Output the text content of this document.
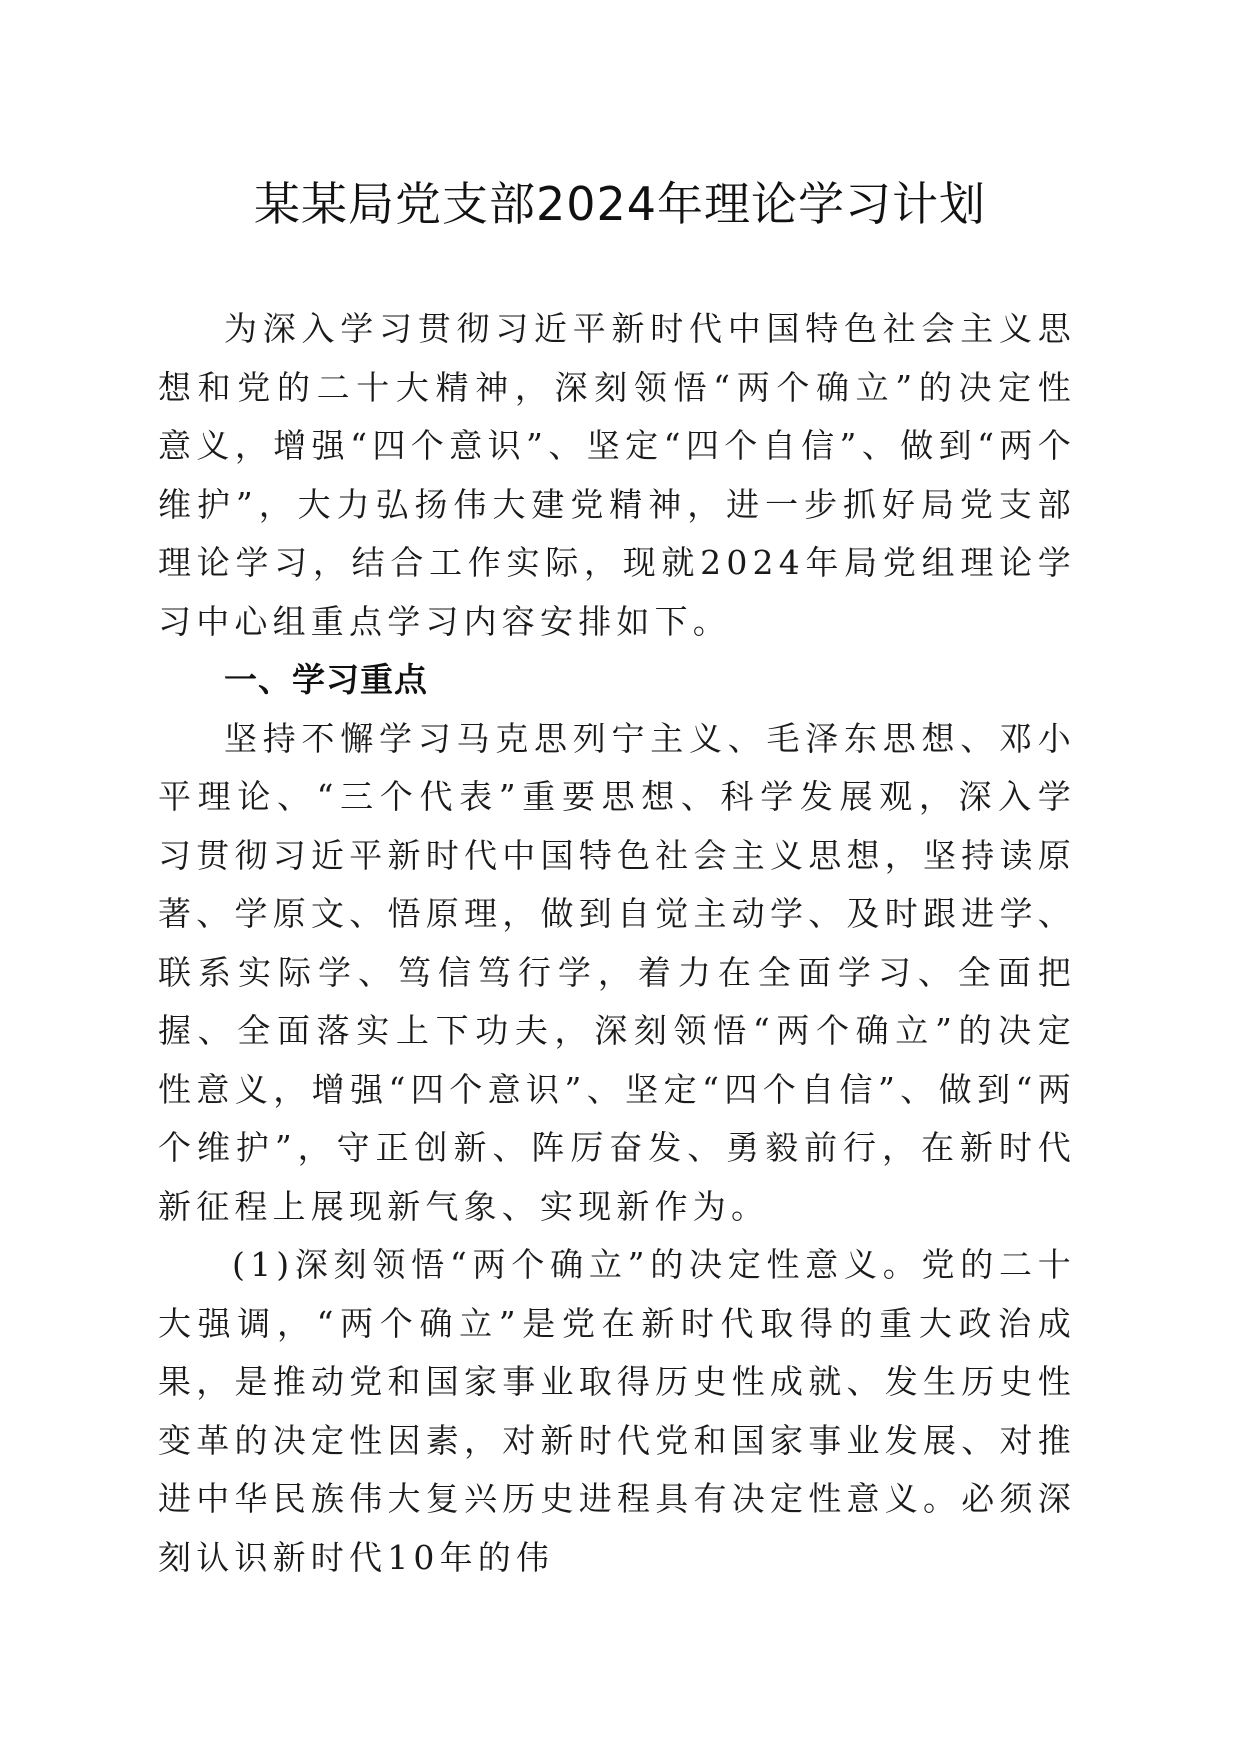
某某局党支部2024年理论学习计划

为深入学习贯彻习近平新时代中国特色社会主义思想和党的二十大精神，深刻领悟“两个确立”的决定性意义，增强“四个意识”、坚定“四个自信”、做到“两个维护”，大力弘扬伟大建党精神，进一步抓好局党支部理论学习，结合工作实际，现就2024年局党组理论学习中心组重点学习内容安排如下。

一、学习重点

坚持不懈学习马克思列宁主义、毛泽东思想、邓小平理论、“三个代表”重要思想、科学发展观，深入学习贯彻习近平新时代中国特色社会主义思想，坚持读原著、学原文、悟原理，做到自觉主动学、及时跟进学、联系实际学、笃信笃行学，着力在全面学习、全面把握、全面落实上下功夫，深刻领悟“两个确立”的决定性意义，增强“四个意识”、坚定“四个自信”、做到“两个维护”，守正创新、阵厉奋发、勇毅前行，在新时代新征程上展现新气象、实现新作为。

(1)深刻领悟“两个确立”的决定性意义。党的二十大强调，“两个确立”是党在新时代取得的重大政治成果，是推动党和国家事业取得历史性成就、发生历史性变革的决定性因素，对新时代党和国家事业发展、对推进中华民族伟大复兴历史进程具有决定性意义。必须深刻认识新时代10年的伟
